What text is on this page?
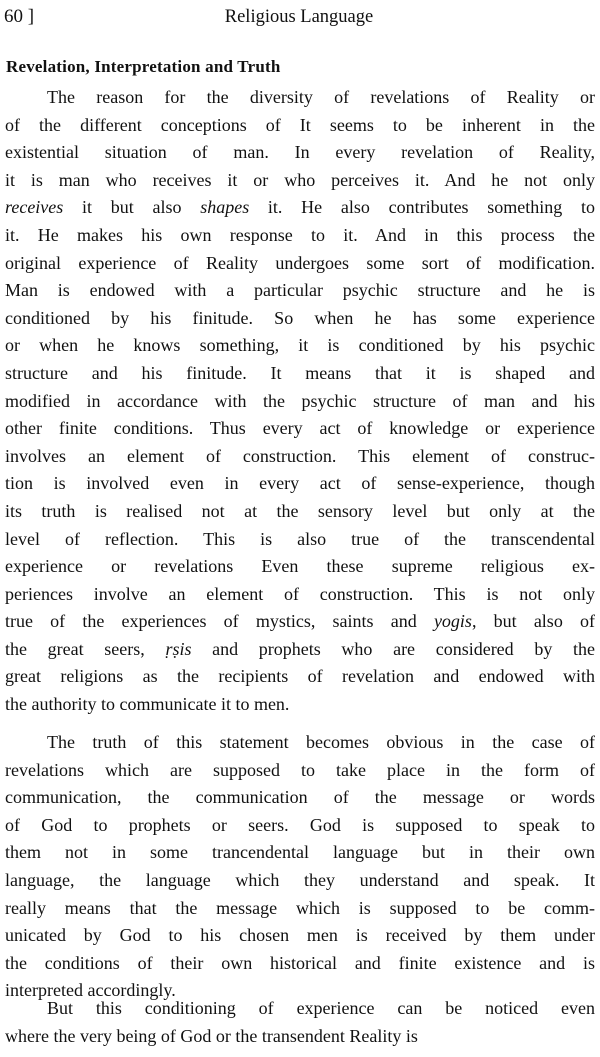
60 ]	Religious Language
Revelation, Interpretation and Truth
The reason for the diversity of revelations of Reality or
of the different conceptions of It seems to be inherent in the
existential situation of man. In every revelation of Reality,
it is man who receives it or who perceives it. And he not only
receives it but also shapes it. He also contributes something to
it. He makes his own response to it. And in this process the
original experience of Reality undergoes some sort of modification.
Man is endowed with a particular psychic structure and he is
conditioned by his finitude. So when he has some experience
or when he knows something, it is conditioned by his psychic
structure and his finitude. It means that it is shaped and
modified in accordance with the psychic structure of man and his
other finite conditions. Thus every act of knowledge or experience
involves an element of construction. This element of construc-
tion is involved even in every act of sense-experience, though
its truth is realised not at the sensory level but only at the
level of reflection. This is also true of the transcendental
experience or revelations Even these supreme religious ex-
periences involve an element of construction. This is not only
true of the experiences of mystics, saints and yogis, but also of
the great seers, ṛṣis and prophets who are considered by the
great religions as the recipients of revelation and endowed with
the authority to communicate it to men.
The truth of this statement becomes obvious in the case of
revelations which are supposed to take place in the form of
communication, the communication of the message or words
of God to prophets or seers. God is supposed to speak to
them not in some trancendental language but in their own
language, the language which they understand and speak. It
really means that the message which is supposed to be comm-
unicated by God to his chosen men is received by them under
the conditions of their own historical and finite existence and is
interpreted accordingly.
But this conditioning of experience can be noticed even
where the very being of God or the transendent Reality is
